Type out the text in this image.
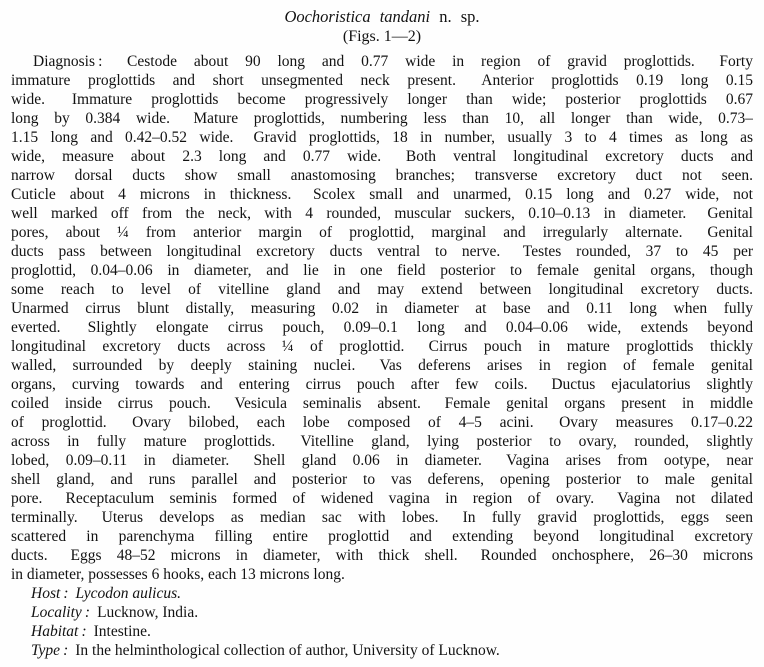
Oochoristica tandani n. sp.
(Figs. 1—2)
Diagnosis :  Cestode about 90 long and 0.77 wide in region of gravid proglottids.  Forty
immature proglottids and short unsegmented neck present.  Anterior proglottids 0.19 long 0.15
wide.  Immature proglottids become progressively longer than wide; posterior proglottids 0.67
long by 0.384 wide.  Mature proglottids, numbering less than 10, all longer than wide, 0.73–
1.15 long and 0.42–0.52 wide.  Gravid proglottids, 18 in number, usually 3 to 4 times as long as
wide, measure about 2.3 long and 0.77 wide.  Both ventral longitudinal excretory ducts and
narrow dorsal ducts show small anastomosing branches; transverse excretory duct not seen.
Cuticle about 4 microns in thickness.  Scolex small and unarmed, 0.15 long and 0.27 wide, not
well marked off from the neck, with 4 rounded, muscular suckers, 0.10–0.13 in diameter.  Genital
pores, about ¼ from anterior margin of proglottid, marginal and irregularly alternate.  Genital
ducts pass between longitudinal excretory ducts ventral to nerve.  Testes rounded, 37 to 45 per
proglottid, 0.04–0.06 in diameter, and lie in one field posterior to female genital organs, though
some reach to level of vitelline gland and may extend between longitudinal excretory ducts.
Unarmed cirrus blunt distally, measuring 0.02 in diameter at base and 0.11 long when fully
everted.  Slightly elongate cirrus pouch, 0.09–0.1 long and 0.04–0.06 wide, extends beyond
longitudinal excretory ducts across ¼ of proglottid.  Cirrus pouch in mature proglottids thickly
walled, surrounded by deeply staining nuclei.  Vas deferens arises in region of female genital
organs, curving towards and entering cirrus pouch after few coils.  Ductus ejaculatorius slightly
coiled inside cirrus pouch.  Vesicula seminalis absent.  Female genital organs present in middle
of proglottid.  Ovary bilobed, each lobe composed of 4–5 acini.  Ovary measures 0.17–0.22
across in fully mature proglottids.  Vitelline gland, lying posterior to ovary, rounded, slightly
lobed, 0.09–0.11 in diameter.  Shell gland 0.06 in diameter.  Vagina arises from ootype, near
shell gland, and runs parallel and posterior to vas deferens, opening posterior to male genital
pore.  Receptaculum seminis formed of widened vagina in region of ovary.  Vagina not dilated
terminally.  Uterus develops as median sac with lobes.  In fully gravid proglottids, eggs seen
scattered in parenchyma filling entire proglottid and extending beyond longitudinal excretory
ducts.  Eggs 48–52 microns in diameter, with thick shell.  Rounded onchosphere, 26–30 microns
in diameter, possesses 6 hooks, each 13 microns long.
Host : Lycodon aulicus.
Locality : Lucknow, India.
Habitat : Intestine.
Type : In the helminthological collection of author, University of Lucknow.
